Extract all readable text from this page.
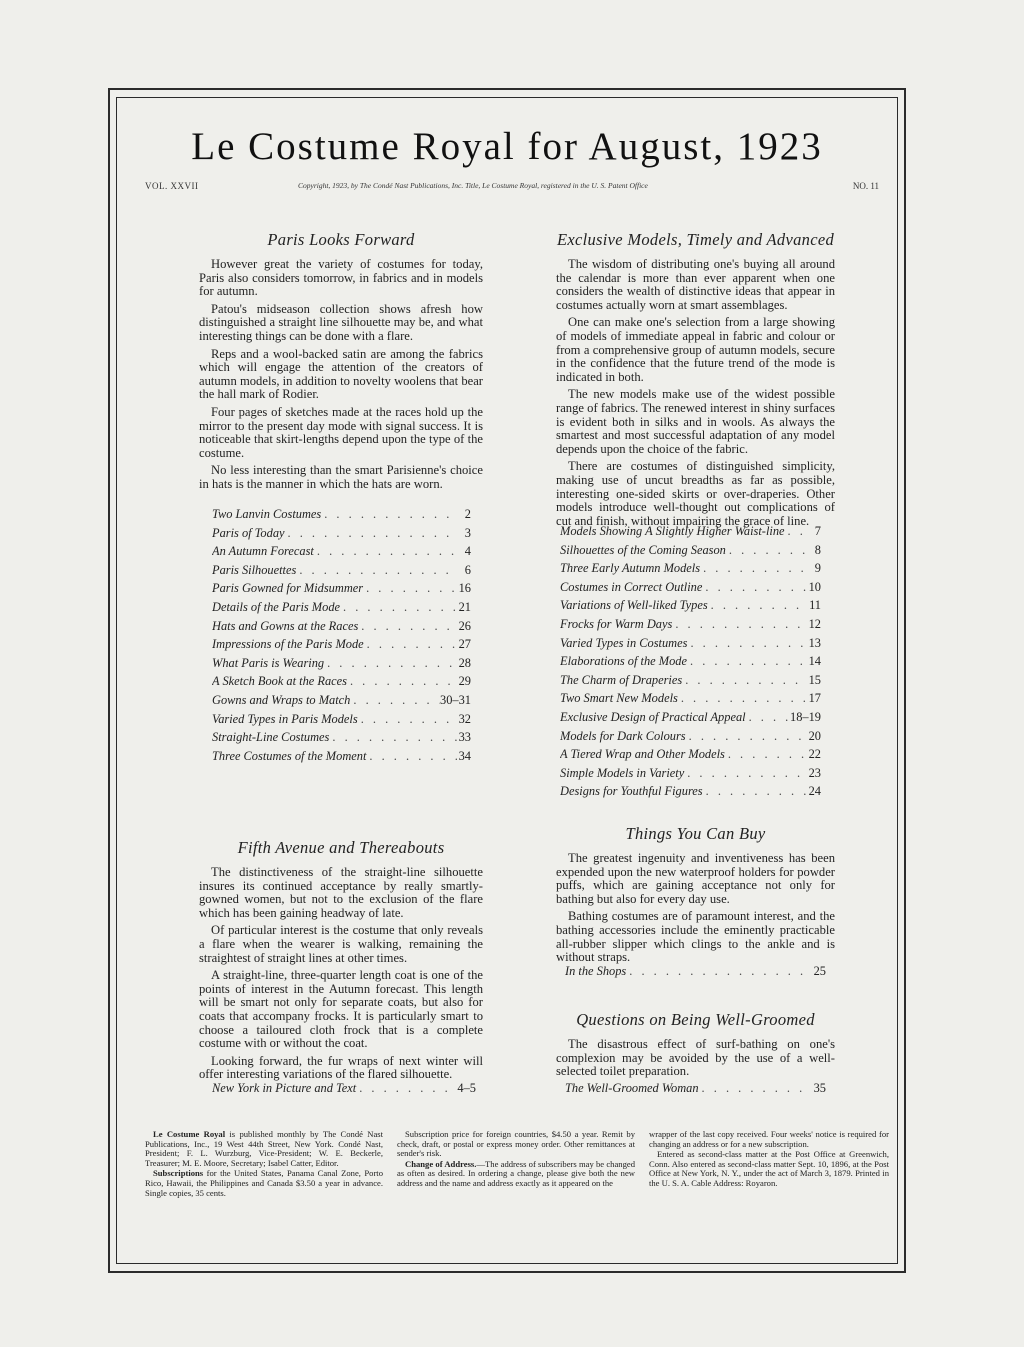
Le Costume Royal for August, 1923
VOL. XXVII	Copyright, 1923, by The Condé Nast Publications, Inc. Title, Le Costume Royal, registered in the U. S. Patent Office	NO. 11
Paris Looks Forward

However great the variety of costumes for today, Paris also considers tomorrow, in fabrics and in models for autumn.

Patou's midseason collection shows afresh how distinguished a straight line silhouette may be, and what interesting things can be done with a flare.

Reps and a wool-backed satin are among the fabrics which will engage the attention of the creators of autumn models, in addition to novelty woolens that bear the hall mark of Rodier.

Four pages of sketches made at the races hold up the mirror to the present day mode with signal success. It is noticeable that skirt-lengths depend upon the type of the costume.

No less interesting than the smart Parisienne's choice in hats is the manner in which the hats are worn.

Two Lanvin Costumes . . .	2
Paris of Today . . .	3
An Autumn Forecast . . .	4
Paris Silhouettes . . .	6
Paris Gowned for Midsummer . . .	16
Details of the Paris Mode . . .	21
Hats and Gowns at the Races . . .	26
Impressions of the Paris Mode . . .	27
What Paris is Wearing . . .	28
A Sketch Book at the Races . . .	29
Gowns and Wraps to Match . . .	30–31
Varied Types in Paris Models . . .	32
Straight-Line Costumes . . .	33
Three Costumes of the Moment . . .	34
Exclusive Models, Timely and Advanced

The wisdom of distributing one's buying all around the calendar is more than ever apparent when one considers the wealth of distinctive ideas that appear in costumes actually worn at smart assemblages.

One can make one's selection from a large showing of models of immediate appeal in fabric and colour or from a comprehensive group of autumn models, secure in the confidence that the future trend of the mode is indicated in both.

The new models make use of the widest possible range of fabrics. The renewed interest in shiny surfaces is evident both in silks and in wools. As always the smartest and most successful adaptation of any model depends upon the choice of the fabric.

There are costumes of distinguished simplicity, making use of uncut breadths as far as possible, interesting one-sided skirts or over-draperies. Other models introduce well-thought out complications of cut and finish, without impairing the grace of line.

Models Showing A Slightly Higher Waist-line . . .	7
Silhouettes of the Coming Season . . .	8
Three Early Autumn Models . . .	9
Costumes in Correct Outline . . .	10
Variations of Well-liked Types . . .	11
Frocks for Warm Days . . .	12
Varied Types in Costumes . . .	13
Elaborations of the Mode . . .	14
The Charm of Draperies . . .	15
Two Smart New Models . . .	17
Exclusive Design of Practical Appeal . . .	18–19
Models for Dark Colours . . .	20
A Tiered Wrap and Other Models . . .	22
Simple Models in Variety . . .	23
Designs for Youthful Figures . . .	24
Fifth Avenue and Thereabouts

The distinctiveness of the straight-line silhouette insures its continued acceptance by really smartly-gowned women, but not to the exclusion of the flare which has been gaining headway of late.

Of particular interest is the costume that only reveals a flare when the wearer is walking, remaining the straightest of straight lines at other times.

A straight-line, three-quarter length coat is one of the points of interest in the Autumn forecast. This length will be smart not only for separate coats, but also for coats that accompany frocks. It is particularly smart to choose a tailoured cloth frock that is a complete costume with or without the coat.

Looking forward, the fur wraps of next winter will offer interesting variations of the flared silhouette.

New York in Picture and Text . . .	4–5
Things You Can Buy

The greatest ingenuity and inventiveness has been expended upon the new waterproof holders for powder puffs, which are gaining acceptance not only for bathing but also for every day use.

Bathing costumes are of paramount interest, and the bathing accessories include the eminently practicable all-rubber slipper which clings to the ankle and is without straps.

In the Shops . . .	25
Questions on Being Well-Groomed

The disastrous effect of surf-bathing on one's complexion may be avoided by the use of a well-selected toilet preparation.

The Well-Groomed Woman . . .	35

Le Costume Royal is published monthly by The Condé Nast Publications, Inc., 19 West 44th Street, New York. Condé Nast, President; F. L. Wurzburg, Vice-President; W. E. Beckerle, Treasurer; M. E. Moore, Secretary; Isabel Catter, Editor.

Subscriptions for the United States, Panama Canal Zone, Porto Rico, Hawaii, the Philippines and Canada $3.50 a year in advance. Single copies, 35 cents.

Subscription price for foreign countries, $4.50 a year. Remit by check, draft, or postal or express money order. Other remittances at sender's risk.

Change of Address.—The address of subscribers may be changed as often as desired. In ordering a change, please give both the new address and the name and address exactly as it appeared on the

wrapper of the last copy received. Four weeks' notice is required for changing an address or for a new subscription.

Entered as second-class matter at the Post Office at Greenwich, Conn. Also entered as second-class matter Sept. 10, 1896, at the Post Office at New York, N. Y., under the act of March 3, 1879. Printed in the U. S. A. Cable Address: Royaron.
